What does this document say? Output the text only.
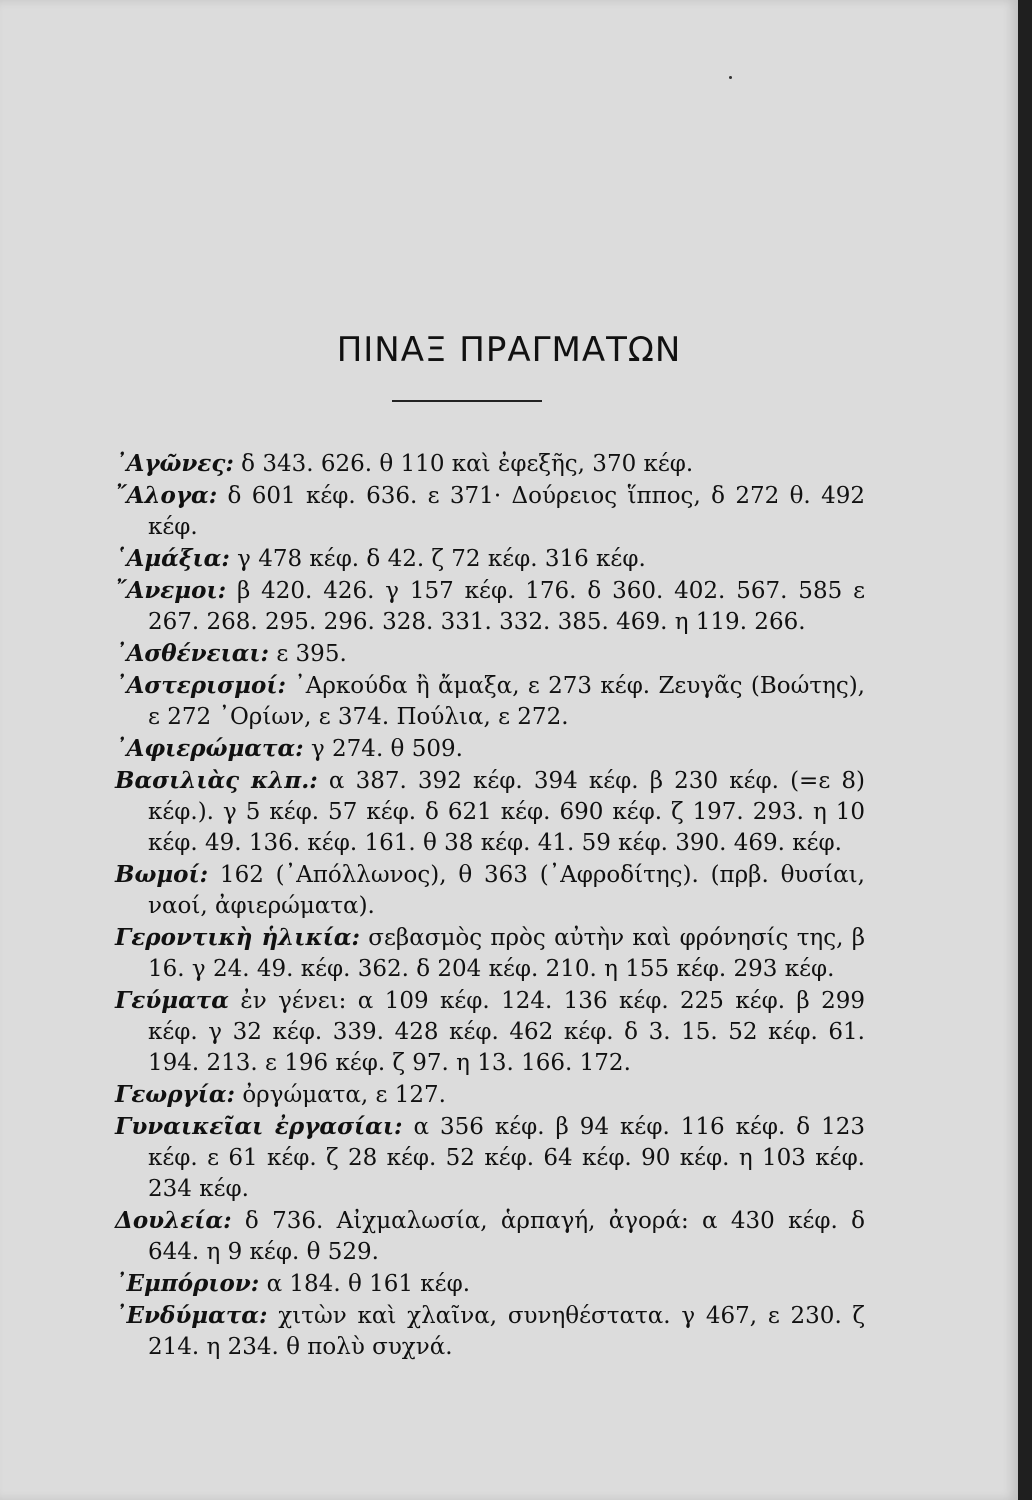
ΠΙΝΑΞ ΠΡΑΓΜΑΤΩΝ

᾿Αγῶνες: δ 343. 626. θ 110 καὶ ἐφεξῆς, 370 κέφ.

῎Αλογα: δ 601 κέφ. 636. ε 371· Δούρειος ἵππος, δ 272 θ. 492 κέφ.

῾Αμάξια: γ 478 κέφ. δ 42. ζ 72 κέφ. 316 κέφ.

῎Ανεμοι: β 420. 426. γ 157 κέφ. 176. δ 360. 402. 567. 585 ε 267. 268. 295. 296. 328. 331. 332. 385. 469. η 119. 266.

᾿Ασθένειαι: ε 395.

᾿Αστερισμοί: ᾿Αρκούδα ἢ ἄμαξα, ε 273 κέφ. Ζευγᾶς (Βοώτης), ε 272 ᾿Ορίων, ε 374. Πούλια, ε 272.

᾿Αφιερώματα: γ 274. θ 509.

Βασιλιὰς κλπ.: α 387. 392 κέφ. 394 κέφ. β 230 κέφ. (=ε 8) κέφ.). γ 5 κέφ. 57 κέφ. δ 621 κέφ. 690 κέφ. ζ 197. 293. η 10 κέφ. 49. 136. κέφ. 161. θ 38 κέφ. 41. 59 κέφ. 390. 469. κέφ.

Βωμοί: 162 (᾿Απόλλωνος), θ 363 (᾿Αφροδίτης). (πρβ. θυσίαι, ναοί, ἀφιερώματα).

Γεροντικὴ ἡλικία: σεβασμὸς πρὸς αὐτὴν καὶ φρόνησίς της, β 16. γ 24. 49. κέφ. 362. δ 204 κέφ. 210. η 155 κέφ. 293 κέφ.

Γεύματα ἐν γένει: α 109 κέφ. 124. 136 κέφ. 225 κέφ. β 299 κέφ. γ 32 κέφ. 339. 428 κέφ. 462 κέφ. δ 3. 15. 52 κέφ. 61. 194. 213. ε 196 κέφ. ζ 97. η 13. 166. 172.

Γεωργία: ὀργώματα, ε 127.

Γυναικεῖαι ἐργασίαι: α 356 κέφ. β 94 κέφ. 116 κέφ. δ 123 κέφ. ε 61 κέφ. ζ 28 κέφ. 52 κέφ. 64 κέφ. 90 κέφ. η 103 κέφ. 234 κέφ.

Δουλεία: δ 736. Αἰχμαλωσία, ἁρπαγή, ἀγορά: α 430 κέφ. δ 644. η 9 κέφ. θ 529.

᾿Εμπόριον: α 184. θ 161 κέφ.

᾿Ενδύματα: χιτὼν καὶ χλαῖνα, συνηθέστατα. γ 467, ε 230. ζ 214. η 234. θ πολὺ συχνά.
